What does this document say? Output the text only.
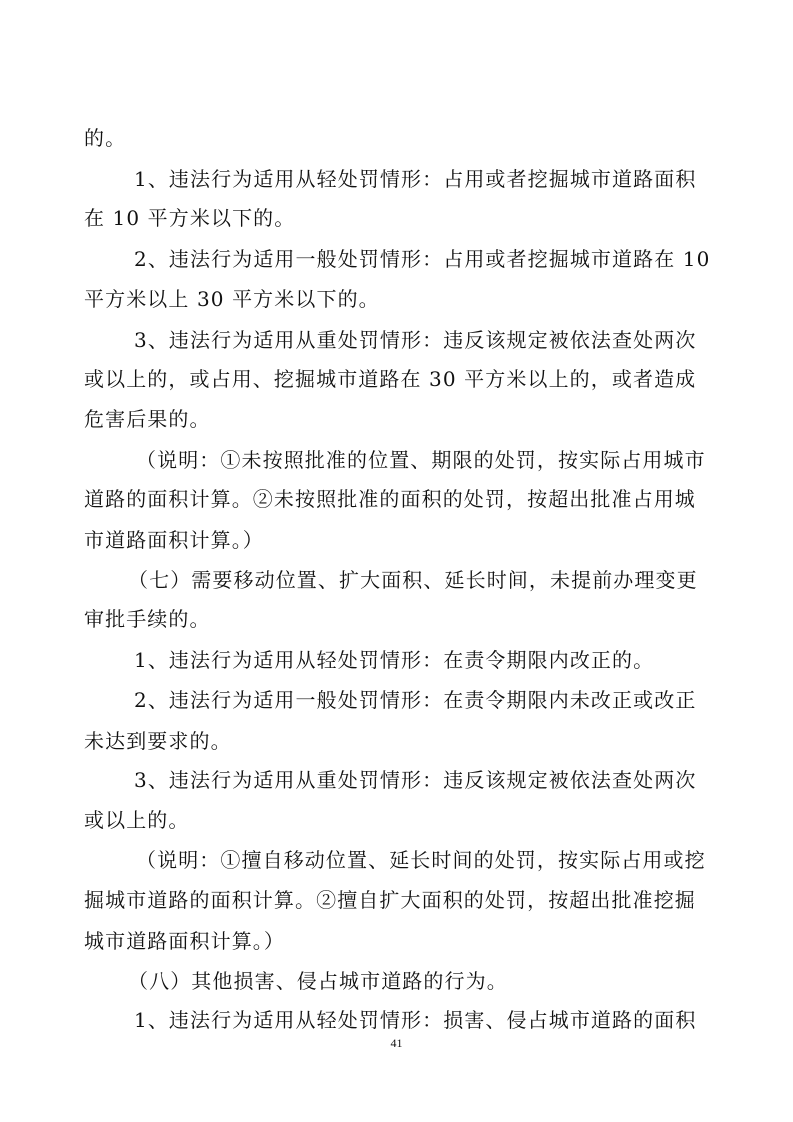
的。
1、违法行为适用从轻处罚情形：占用或者挖掘城市道路面积
在 10 平方米以下的。
2、违法行为适用一般处罚情形：占用或者挖掘城市道路在 10
平方米以上 30 平方米以下的。
3、违法行为适用从重处罚情形：违反该规定被依法查处两次
或以上的，或占用、挖掘城市道路在 30 平方米以上的，或者造成
危害后果的。
（说明：①未按照批准的位置、期限的处罚，按实际占用城市
道路的面积计算。②未按照批准的面积的处罚，按超出批准占用城
市道路面积计算。）
（七）需要移动位置、扩大面积、延长时间，未提前办理变更
审批手续的。
1、违法行为适用从轻处罚情形：在责令期限内改正的。
2、违法行为适用一般处罚情形：在责令期限内未改正或改正
未达到要求的。
3、违法行为适用从重处罚情形：违反该规定被依法查处两次
或以上的。
（说明：①擅自移动位置、延长时间的处罚，按实际占用或挖
掘城市道路的面积计算。②擅自扩大面积的处罚，按超出批准挖掘
城市道路面积计算。）
（八）其他损害、侵占城市道路的行为。
1、违法行为适用从轻处罚情形：损害、侵占城市道路的面积
41
